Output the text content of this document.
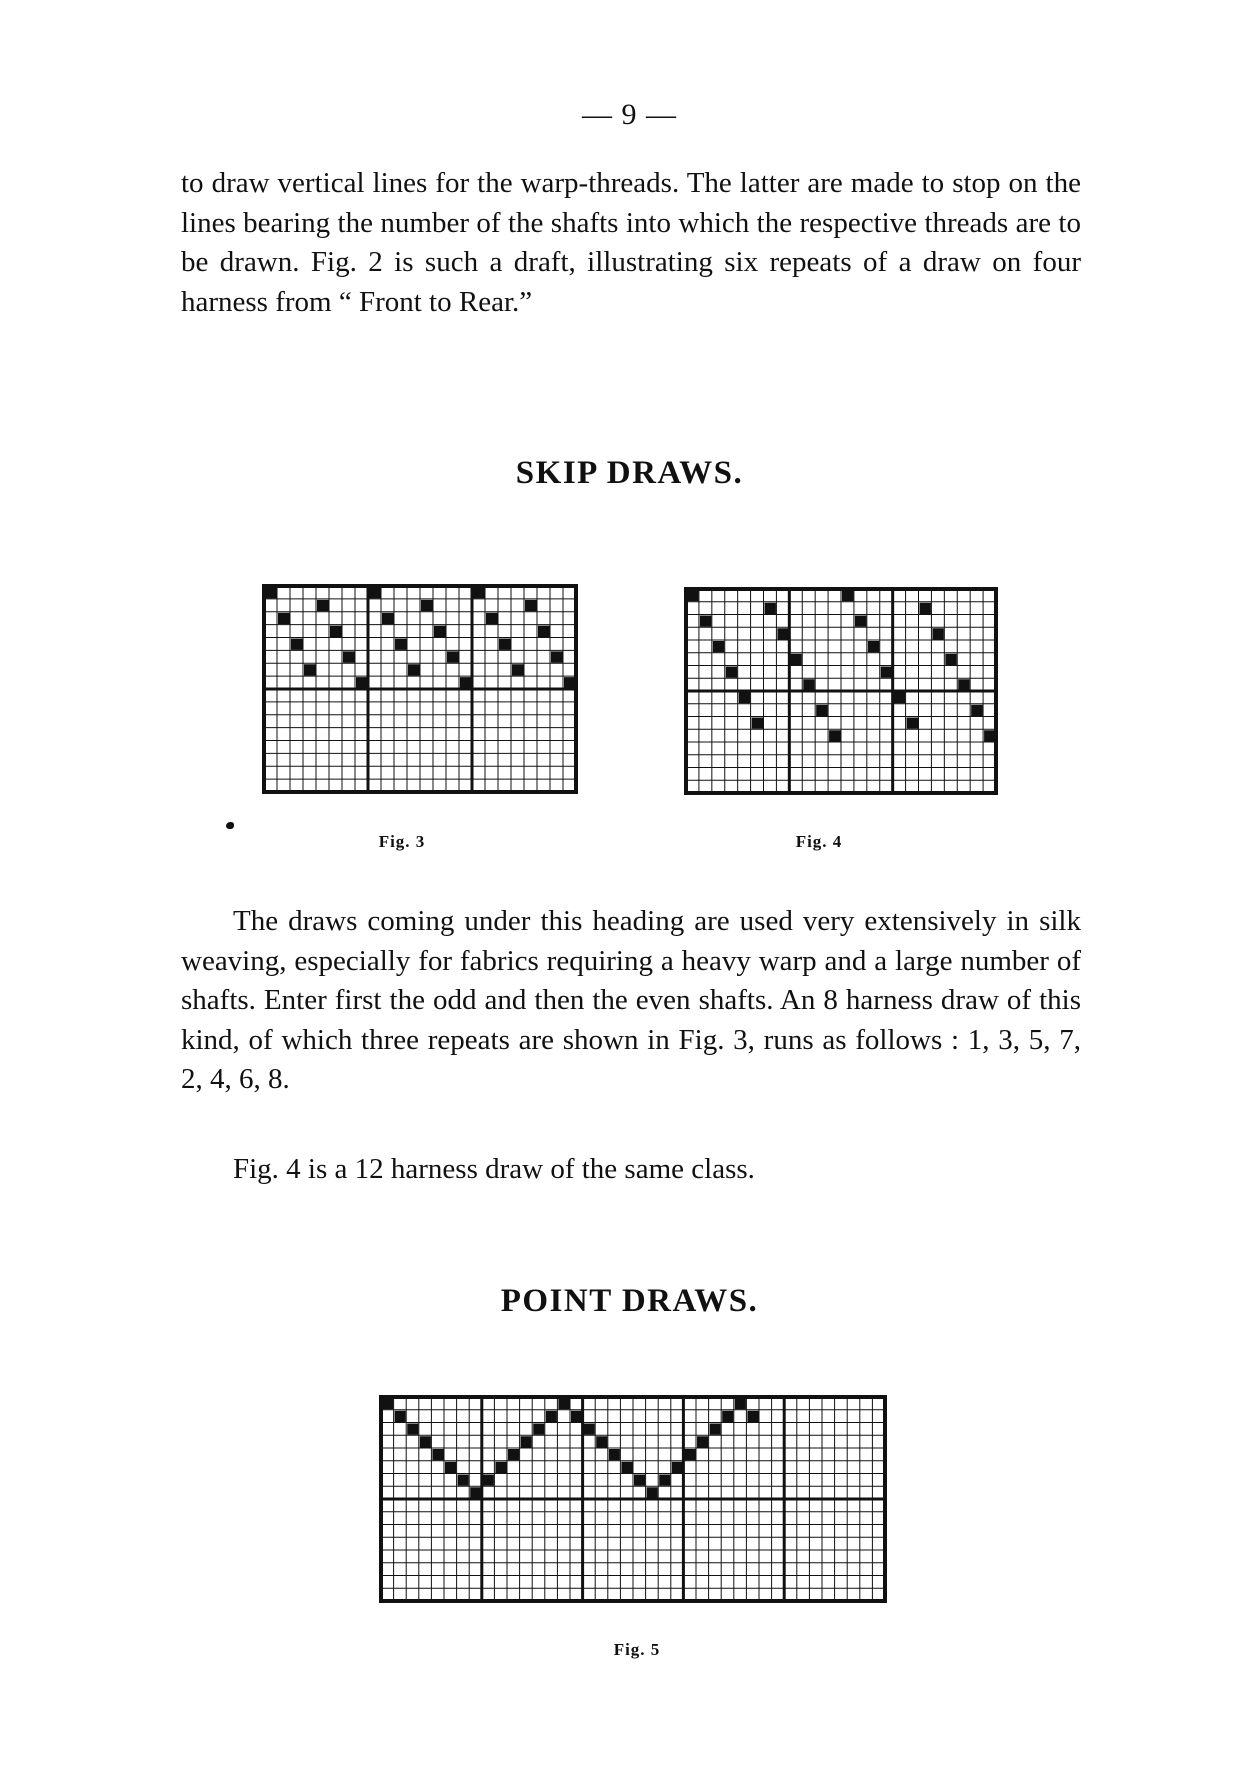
— 9 —

to draw vertical lines for the warp-threads. The latter are made to stop on the lines bearing the number of the shafts into which the respective threads are to be drawn. Fig. 2 is such a draft, illustrating six repeats of a draw on four harness from “ Front to Rear.”

SKIP DRAWS.
Fig. 3	Fig. 4

The draws coming under this heading are used very extensively in silk weaving, especially for fabrics requiring a heavy warp and a large number of shafts. Enter first the odd and then the even shafts. An 8 harness draw of this kind, of which three repeats are shown in Fig. 3, runs as follows : 1, 3, 5, 7, 2, 4, 6, 8.

Fig. 4 is a 12 harness draw of the same class.

POINT DRAWS.
Fig. 5
